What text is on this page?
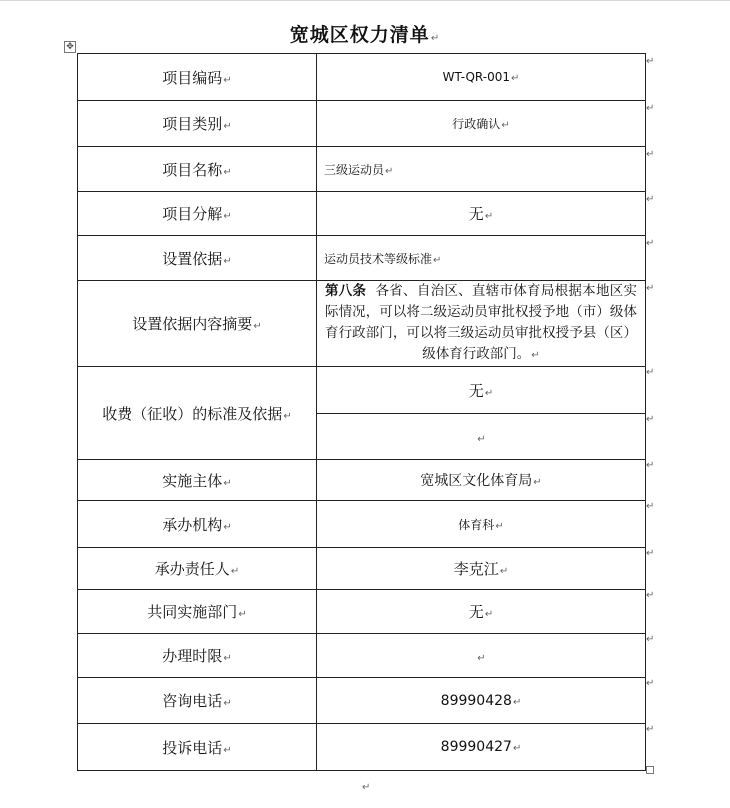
宽城区权力清单↵
✥
项目编码↵	WT-QR-001↵
项目类别↵	行政确认↵
项目名称↵	三级运动员↵
项目分解↵	无↵
设置依据↵	运动员技术等级标准↵
设置依据内容摘要↵	第八条 各省、自治区、直辖市体育局根据本地区实际情况，可以将二级运动员审批权授予地（市）级体育行政部门，可以将三级运动员审批权授予县（区）级体育行政部门。↵
收费（征收）的标准及依据↵	无↵
	↵
实施主体↵	宽城区文化体育局↵
承办机构↵	体育科↵
承办责任人↵	李克江↵
共同实施部门↵	无↵
办理时限↵	↵
咨询电话↵	89990428↵
投诉电话↵	89990427↵
↵
↵
↵
↵
↵
↵
↵
↵
↵
↵
↵
↵
↵
↵
↵
↵
